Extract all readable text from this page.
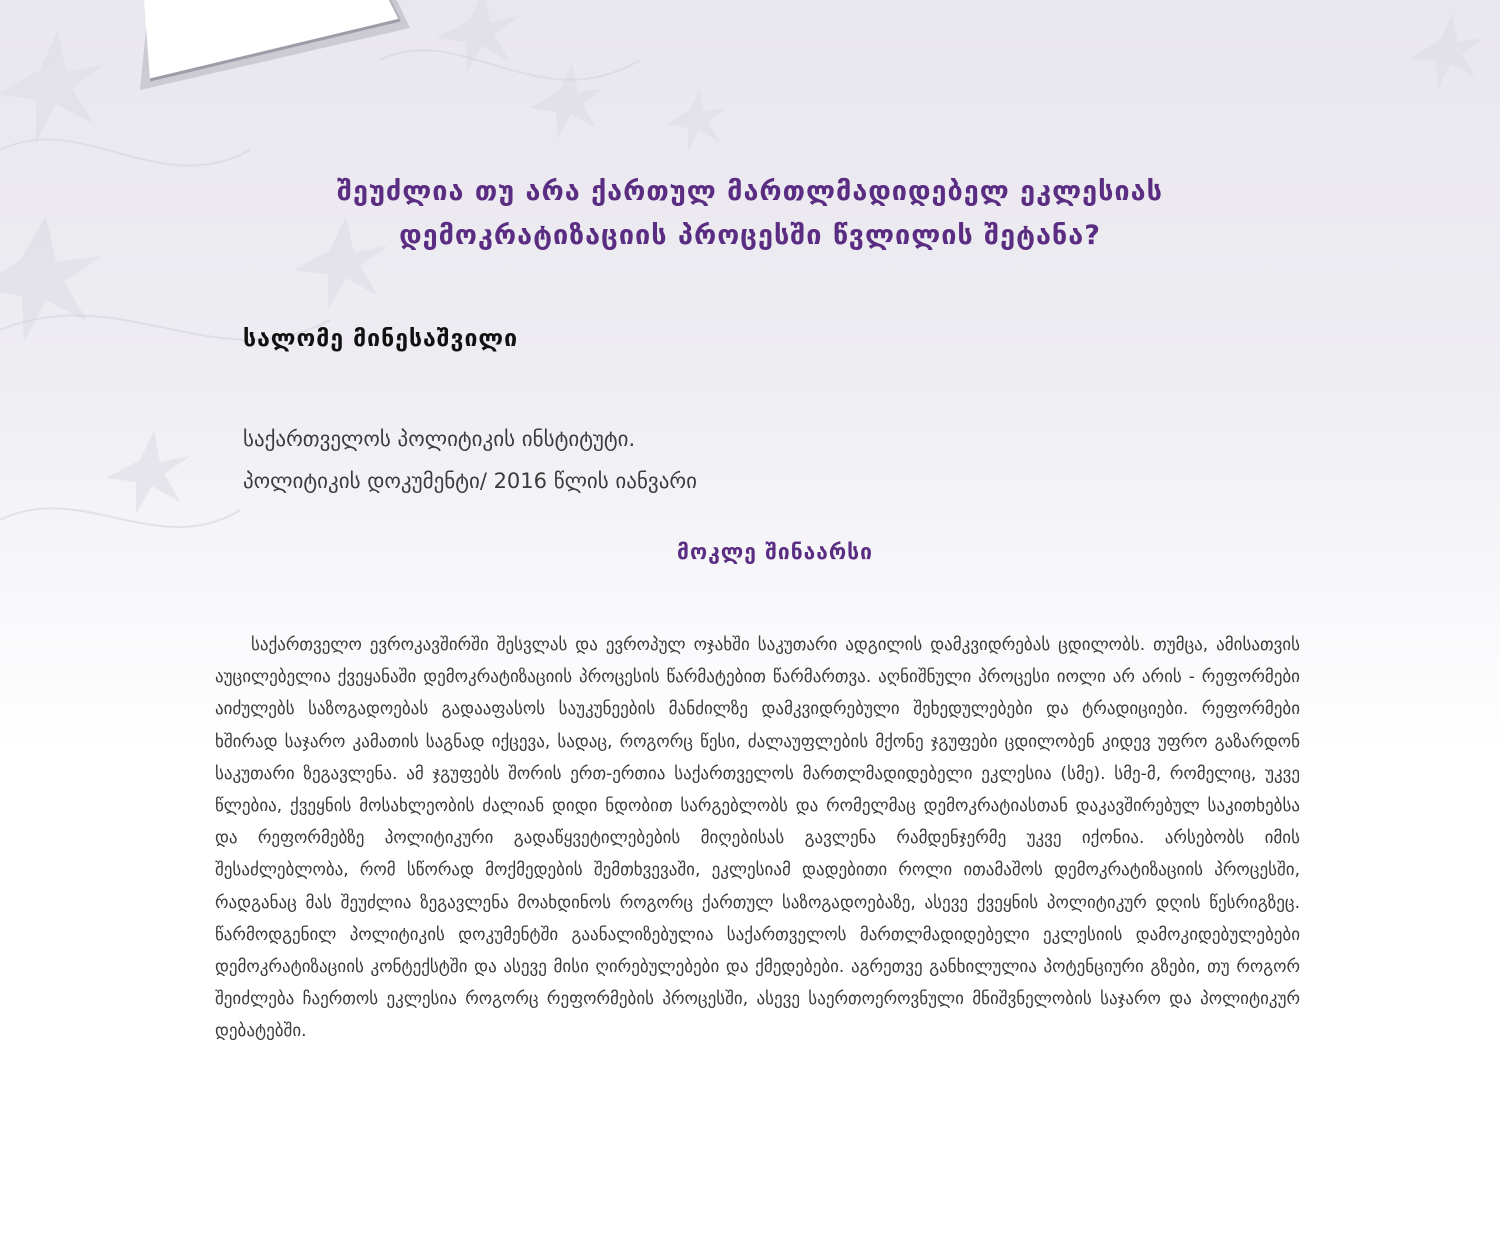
შეუძლია თუ არა ქართულ მართლმადიდებელ ეკლესიას
დემოკრატიზაციის პროცესში წვლილის შეტანა?
სალომე მინესაშვილი
საქართველოს პოლიტიკის ინსტიტუტი.
პოლიტიკის დოკუმენტი/ 2016 წლის იანვარი
მოკლე შინაარსი

საქართველო ევროკავშირში შესვლას და ევროპულ ოჯახში საკუთარი ადგილის დამკვიდრებას ცდილობს. თუმცა, ამისათვის აუცილებელია ქვეყანაში დემოკრატიზაციის პროცესის წარმატებით წარმართვა. აღნიშნული პროცესი იოლი არ არის - რეფორმები აიძულებს საზოგადოებას გადააფასოს საუკუნეების მანძილზე დამკვიდრებული შეხედულებები და ტრადიციები. რეფორმები ხშირად საჯარო კამათის საგნად იქცევა, სადაც, როგორც წესი, ძალაუფლების მქონე ჯგუფები ცდილობენ კიდევ უფრო გაზარდონ საკუთარი ზეგავლენა. ამ ჯგუფებს შორის ერთ-ერთია საქართველოს მართლმადიდებელი ეკლესია (სმე). სმე-მ, რომელიც, უკვე წლებია, ქვეყნის მოსახლეობის ძალიან დიდი ნდობით სარგებლობს და რომელმაც დემოკრატიასთან დაკავშირებულ საკითხებსა და რეფორმებზე პოლიტიკური გადაწყვეტილებების მიღებისას გავლენა რამდენჯერმე უკვე იქონია. არსებობს იმის შესაძლებლობა, რომ სწორად მოქმედების შემთხვევაში, ეკლესიამ დადებითი როლი ითამაშოს დემოკრატიზაციის პროცესში, რადგანაც მას შეუძლია ზეგავლენა მოახდინოს როგორც ქართულ საზოგადოებაზე, ასევე ქვეყნის პოლიტიკურ დღის წესრიგზეც. წარმოდგენილ პოლიტიკის დოკუმენტში გაანალიზებულია საქართველოს მართლმადიდებელი ეკლესიის დამოკიდებულებები დემოკრატიზაციის კონტექსტში და ასევე მისი ღირებულებები და ქმედებები. აგრეთვე განხილულია პოტენციური გზები, თუ როგორ შეიძლება ჩაერთოს ეკლესია როგორც რეფორმების პროცესში, ასევე საერთოეროვნული მნიშვნელობის საჯარო და პოლიტიკურ დებატებში.
